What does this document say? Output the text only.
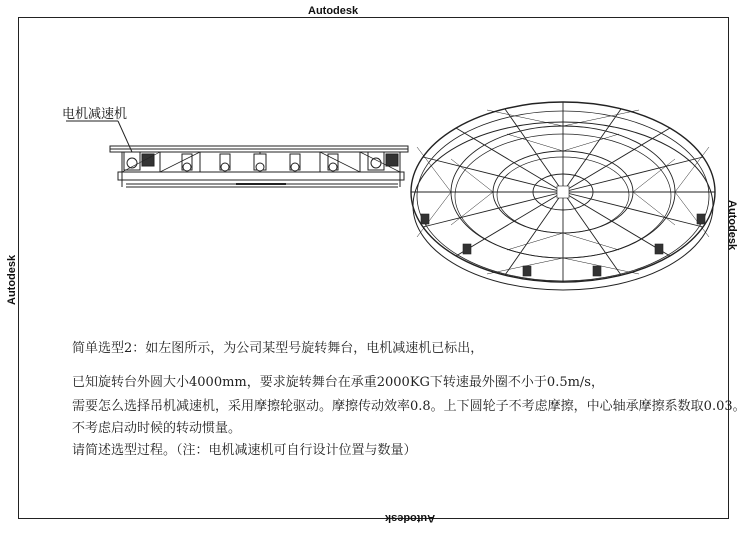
Autodesk
Autodesk
Autodesk
Autodesk
电机减速机

简单选型2：如左图所示，为公司某型号旋转舞台，电机减速机已标出，

已知旋转台外圆大小4000mm，要求旋转舞台在承重2000KG下转速最外圈不小于0.5m/s，

需要怎么选择吊机减速机，采用摩擦轮驱动。摩擦传动效率0.8。上下圆轮子不考虑摩擦，中心轴承摩擦系数取0.03。

不考虑启动时候的转动惯量。

请简述选型过程。（注：电机减速机可自行设计位置与数量）
